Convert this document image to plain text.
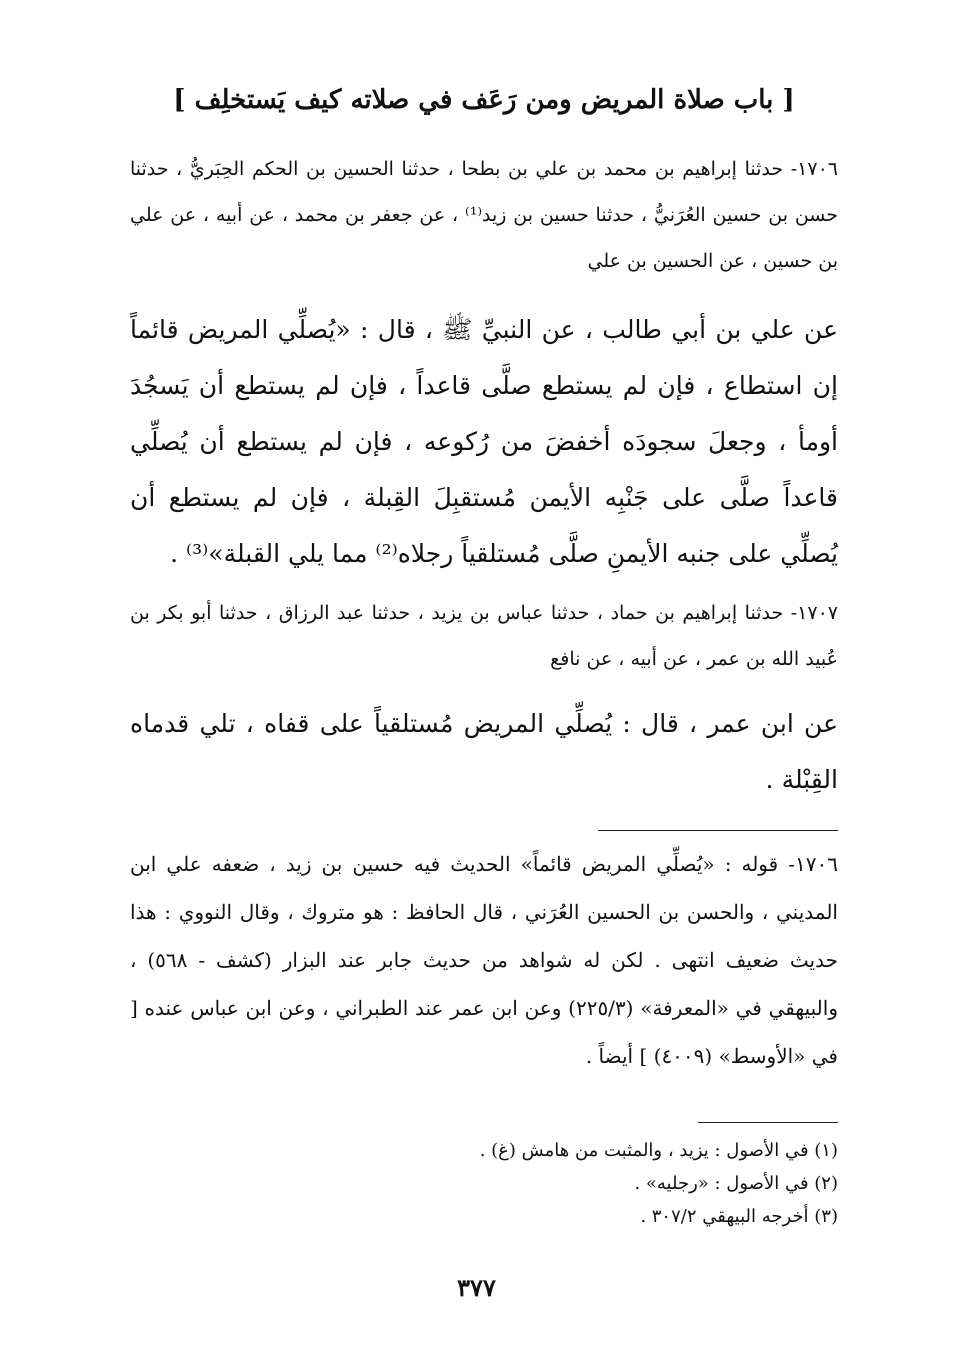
[ باب صلاة المريض ومن رَعَف في صلاته كيف يَستخلِف ]
١٧٠٦- حدثنا إبراهيم بن محمد بن علي بن بطحا ، حدثنا الحسين بن الحكم الحِبَريُّ ، حدثنا حسن بن حسين العُرَنيُّ ، حدثنا حسين بن زيد⁽¹⁾ ، عن جعفر بن محمد ، عن أبيه ، عن علي بن حسين ، عن الحسين بن علي
عن علي بن أبي طالب ، عن النبيِّ ﷺ ، قال : «يُصلِّي المريض قائماً إن استطاع ، فإن لم يستطع صلَّى قاعداً ، فإن لم يستطع أن يَسجُدَ أومأ ، وجعلَ سجودَه أخفضَ من رُكوعه ، فإن لم يستطع أن يُصلِّي قاعداً صلَّى على جَنْبِه الأيمن مُستقبِلَ القِبلة ، فإن لم يستطع أن يُصلِّي على جنبه الأيمنِ صلَّى مُستلقياً رجلاه⁽²⁾ مما يلي القبلة»⁽³⁾ .
١٧٠٧- حدثنا إبراهيم بن حماد ، حدثنا عباس بن يزيد ، حدثنا عبد الرزاق ، حدثنا أبو بكر بن عُبيد الله بن عمر ، عن أبيه ، عن نافع
عن ابن عمر ، قال : يُصلِّي المريض مُستلقياً على قفاه ، تلي قدماه القِبْلة .
١٧٠٦- قوله : «يُصلِّي المريض قائماً» الحديث فيه حسين بن زيد ، ضعفه علي ابن المديني ، والحسن بن الحسين العُرَني ، قال الحافظ : هو متروك ، وقال النووي : هذا حديث ضعيف انتهى . لكن له شواهد من حديث جابر عند البزار (كشف - ٥٦٨) ، والبيهقي في «المعرفة» (٢٢٥/٣) وعن ابن عمر عند الطبراني ، وعن ابن عباس عنده [ في «الأوسط» (٤٠٠٩) ] أيضاً .
(١) في الأصول : يزيد ، والمثبت من هامش (غ) .
(٢) في الأصول : «رجليه» .
(٣) أخرجه البيهقي ٣٠٧/٢ .
٣٧٧
